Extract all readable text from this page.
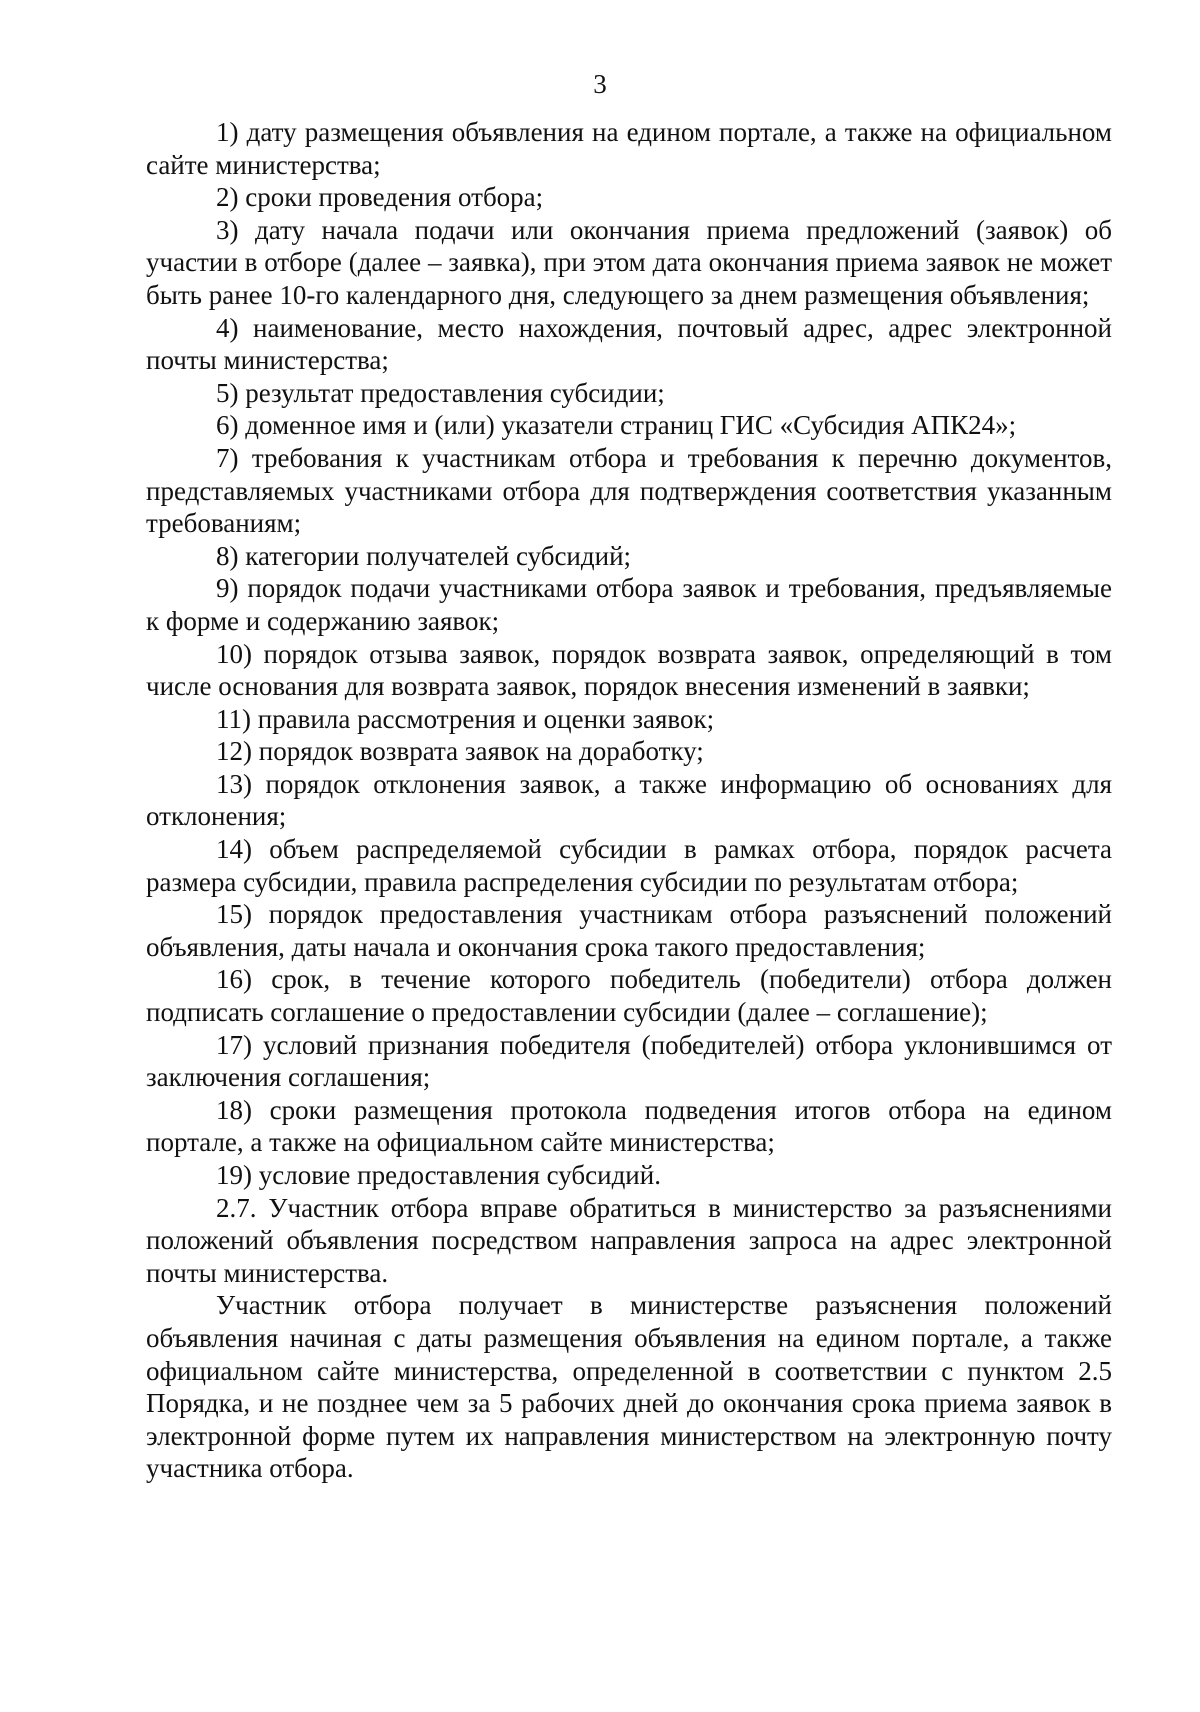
3

1) дату размещения объявления на едином портале, а также на официальном сайте министерства;

2) сроки проведения отбора;

3) дату начала подачи или окончания приема предложений (заявок) об участии в отборе (далее – заявка), при этом дата окончания приема заявок не может быть ранее 10-го календарного дня, следующего за днем размещения объявления;

4) наименование, место нахождения, почтовый адрес, адрес электронной почты министерства;

5) результат предоставления субсидии;

6) доменное имя и (или) указатели страниц ГИС «Субсидия АПК24»;

7) требования к участникам отбора и требования к перечню документов, представляемых участниками отбора для подтверждения соответствия указанным требованиям;

8) категории получателей субсидий;

9) порядок подачи участниками отбора заявок и требования, предъявляемые к форме и содержанию заявок;

10) порядок отзыва заявок, порядок возврата заявок, определяющий в том числе основания для возврата заявок, порядок внесения изменений в заявки;

11) правила рассмотрения и оценки заявок;

12) порядок возврата заявок на доработку;

13) порядок отклонения заявок, а также информацию об основаниях для отклонения;

14) объем распределяемой субсидии в рамках отбора, порядок расчета размера субсидии, правила распределения субсидии по результатам отбора;

15) порядок предоставления участникам отбора разъяснений положений объявления, даты начала и окончания срока такого предоставления;

16) срок, в течение которого победитель (победители) отбора должен подписать соглашение о предоставлении субсидии (далее – соглашение);

17) условий признания победителя (победителей) отбора уклонившимся от заключения соглашения;

18) сроки размещения протокола подведения итогов отбора на едином портале, а также на официальном сайте министерства;

19) условие предоставления субсидий.

2.7. Участник отбора вправе обратиться в министерство за разъяснениями положений объявления посредством направления запроса на адрес электронной почты министерства.

Участник отбора получает в министерстве разъяснения положений объявления начиная с даты размещения объявления на едином портале, а также официальном сайте министерства, определенной в соответствии с пунктом 2.5 Порядка, и не позднее чем за 5 рабочих дней до окончания срока приема заявок в электронной форме путем их направления министерством на электронную почту участника отбора.
